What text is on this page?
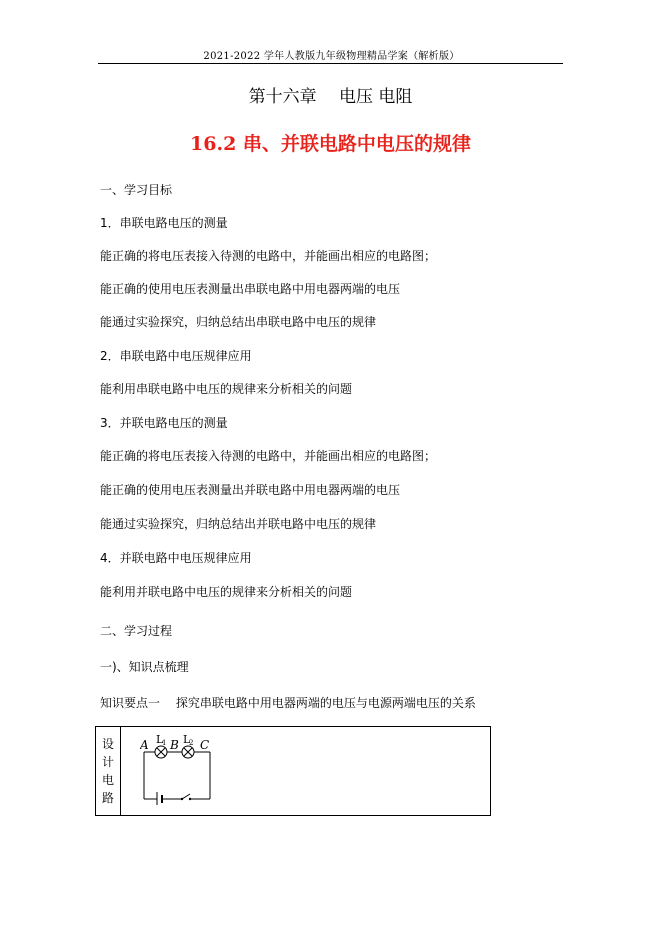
2021-2022 学年人教版九年级物理精品学案（解析版）
第十六章　 电压 电阻
16.2 串、并联电路中电压的规律
一、学习目标
1．串联电路电压的测量
能正确的将电压表接入待测的电路中，并能画出相应的电路图；
能正确的使用电压表测量出串联电路中用电器两端的电压
能通过实验探究，归纳总结出串联电路中电压的规律
2．串联电路中电压规律应用
能利用串联电路中电压的规律来分析相关的问题
3．并联电路电压的测量
能正确的将电压表接入待测的电路中，并能画出相应的电路图；
能正确的使用电压表测量出并联电路中用电器两端的电压
能通过实验探究，归纳总结出并联电路中电压的规律
4．并联电路中电压规律应用
能利用并联电路中电压的规律来分析相关的问题
二、学习过程
一)、知识点梳理
知识要点一　 探究串联电路中用电器两端的电压与电源两端电压的关系
设
计
电
路
A L
1 B L
2 C
